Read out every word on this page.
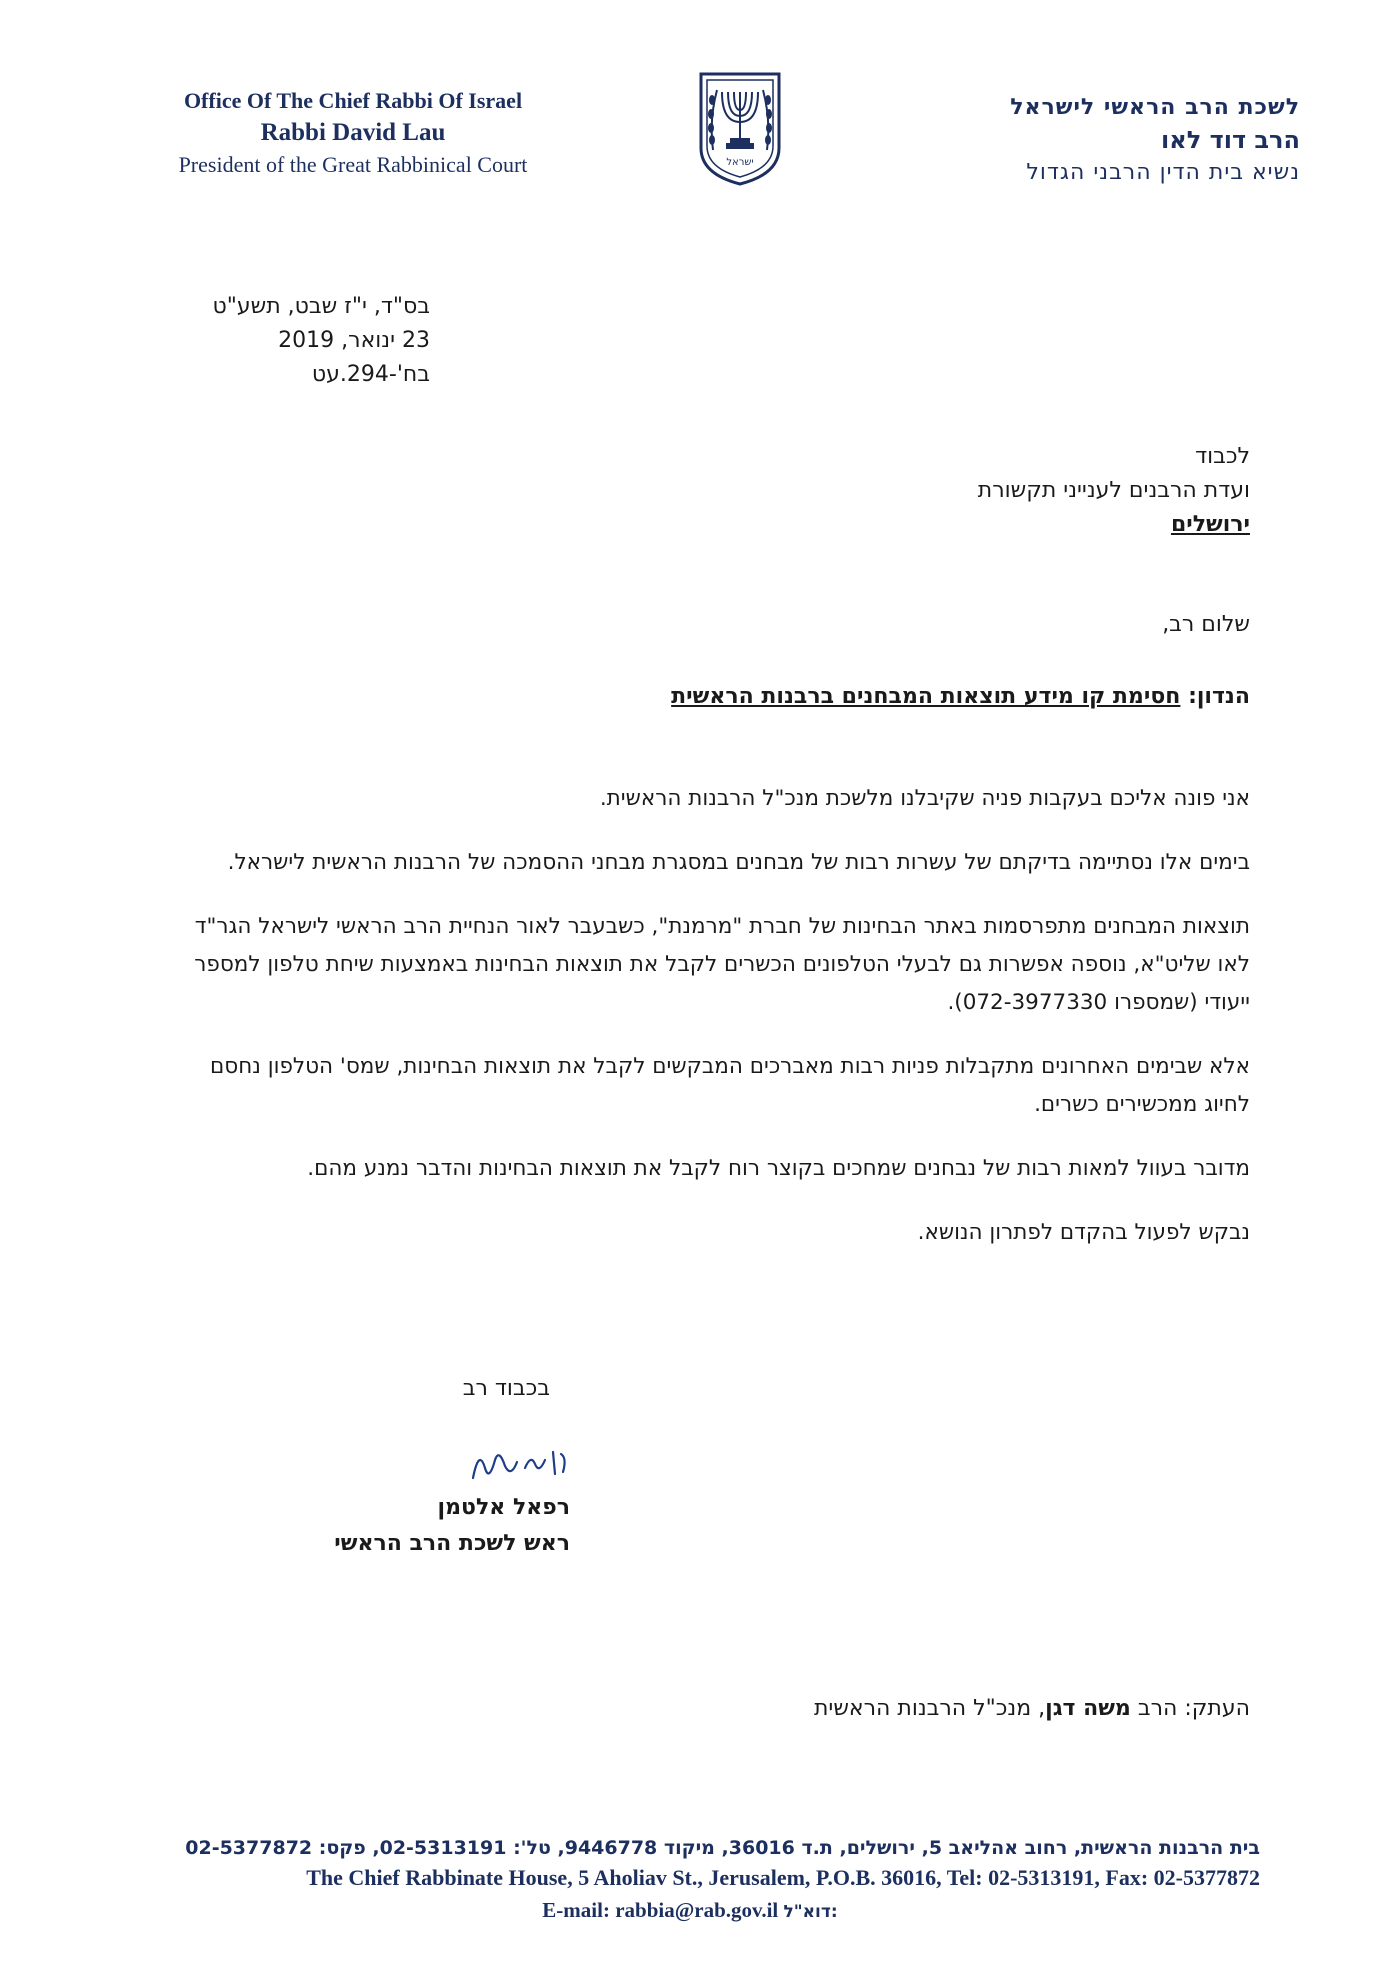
Office Of The Chief Rabbi Of Israel
Rabbi David Lau
President of the Great Rabbinical Court	ישראל
לשכת הרב הראשי לישראל
הרב דוד לאו
נשיא בית הדין הרבני הגדול
בס"ד, י"ז שבט, תשע"ט
23 ינואר, 2019
בח'-294.עט
לכבוד
ועדת הרבנים לענייני תקשורת
ירושלים
שלום רב,
הנדון: חסימת קו מידע תוצאות המבחנים ברבנות הראשית

אני פונה אליכם בעקבות פניה שקיבלנו מלשכת מנכ"ל הרבנות הראשית.

בימים אלו נסתיימה בדיקתם של עשרות רבות של מבחנים במסגרת מבחני ההסמכה של הרבנות הראשית לישראל.

תוצאות המבחנים מתפרסמות באתר הבחינות של חברת "מרמנת", כשבעבר לאור הנחיית הרב הראשי לישראל הגר"ד לאו שליט"א, נוספה אפשרות גם לבעלי הטלפונים הכשרים לקבל את תוצאות הבחינות באמצעות שיחת טלפון למספר ייעודי (שמספרו 072-3977330).

אלא שבימים האחרונים מתקבלות פניות רבות מאברכים המבקשים לקבל את תוצאות הבחינות, שמס' הטלפון נחסם לחיוג ממכשירים כשרים.

מדובר בעוול למאות רבות של נבחנים שמחכים בקוצר רוח לקבל את תוצאות הבחינות והדבר נמנע מהם.

נבקש לפעול בהקדם לפתרון הנושא.

בכבוד רב
רפאל אלטמן
ראש לשכת הרב הראשי
העתק: הרב משה דגן, מנכ"ל הרבנות הראשית
בית הרבנות הראשית, רחוב אהליאב 5, ירושלים, ת.ד 36016, מיקוד 9446778, טל': 02-5313191, פקס: 02-5377872
The Chief Rabbinate House, 5 Aholiav St., Jerusalem, P.O.B. 36016, Tel: 02-5313191, Fax: 02-5377872
E-mail: rabbia@rab.gov.il דוא"ל:
